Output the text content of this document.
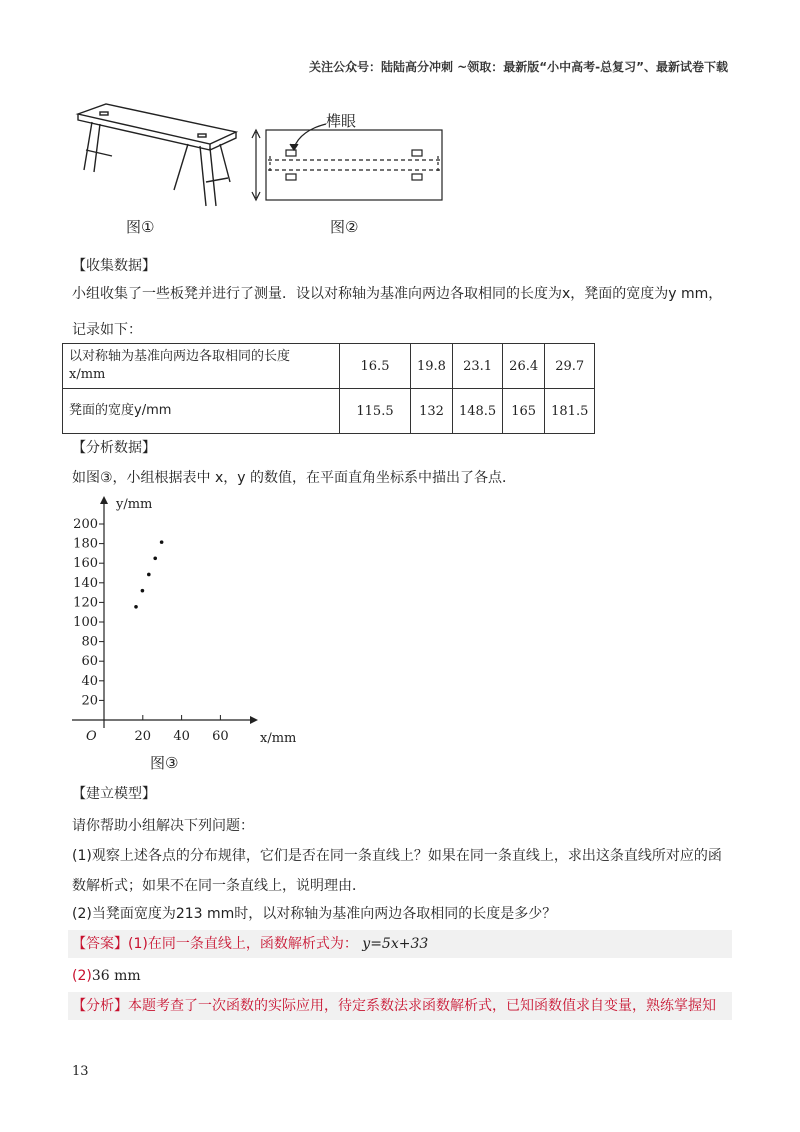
关注公众号：陆陆高分冲刺 ~领取：最新版“小中高考-总复习”、最新试卷下载
图①
榫眼
图②
【收集数据】
小组收集了一些板凳并进行了测量．设以对称轴为基准向两边各取相同的长度为x，凳面的宽度为y mm，
记录如下：
以对称轴为基准向两边各取相同的长度
x/mm	16.5	19.8	23.1	26.4	29.7
凳面的宽度y/mm	115.5	132	148.5	165	181.5
【分析数据】
如图③，小组根据表中 x，y 的数值，在平面直角坐标系中描出了各点．
20
40
60
80
100
120
140
160
180
200
20 40 60
O	x/mm
y/mm
图③
【建立模型】
请你帮助小组解决下列问题：
(1)观察上述各点的分布规律，它们是否在同一条直线上？如果在同一条直线上，求出这条直线所对应的函
数解析式；如果不在同一条直线上，说明理由．
(2)当凳面宽度为213 mm时，以对称轴为基准向两边各取相同的长度是多少？
【答案】(1)在同一条直线上，函数解析式为： y=5x+33
(2)36 mm
【分析】本题考查了一次函数的实际应用，待定系数法求函数解析式，已知函数值求自变量，熟练掌握知
13
